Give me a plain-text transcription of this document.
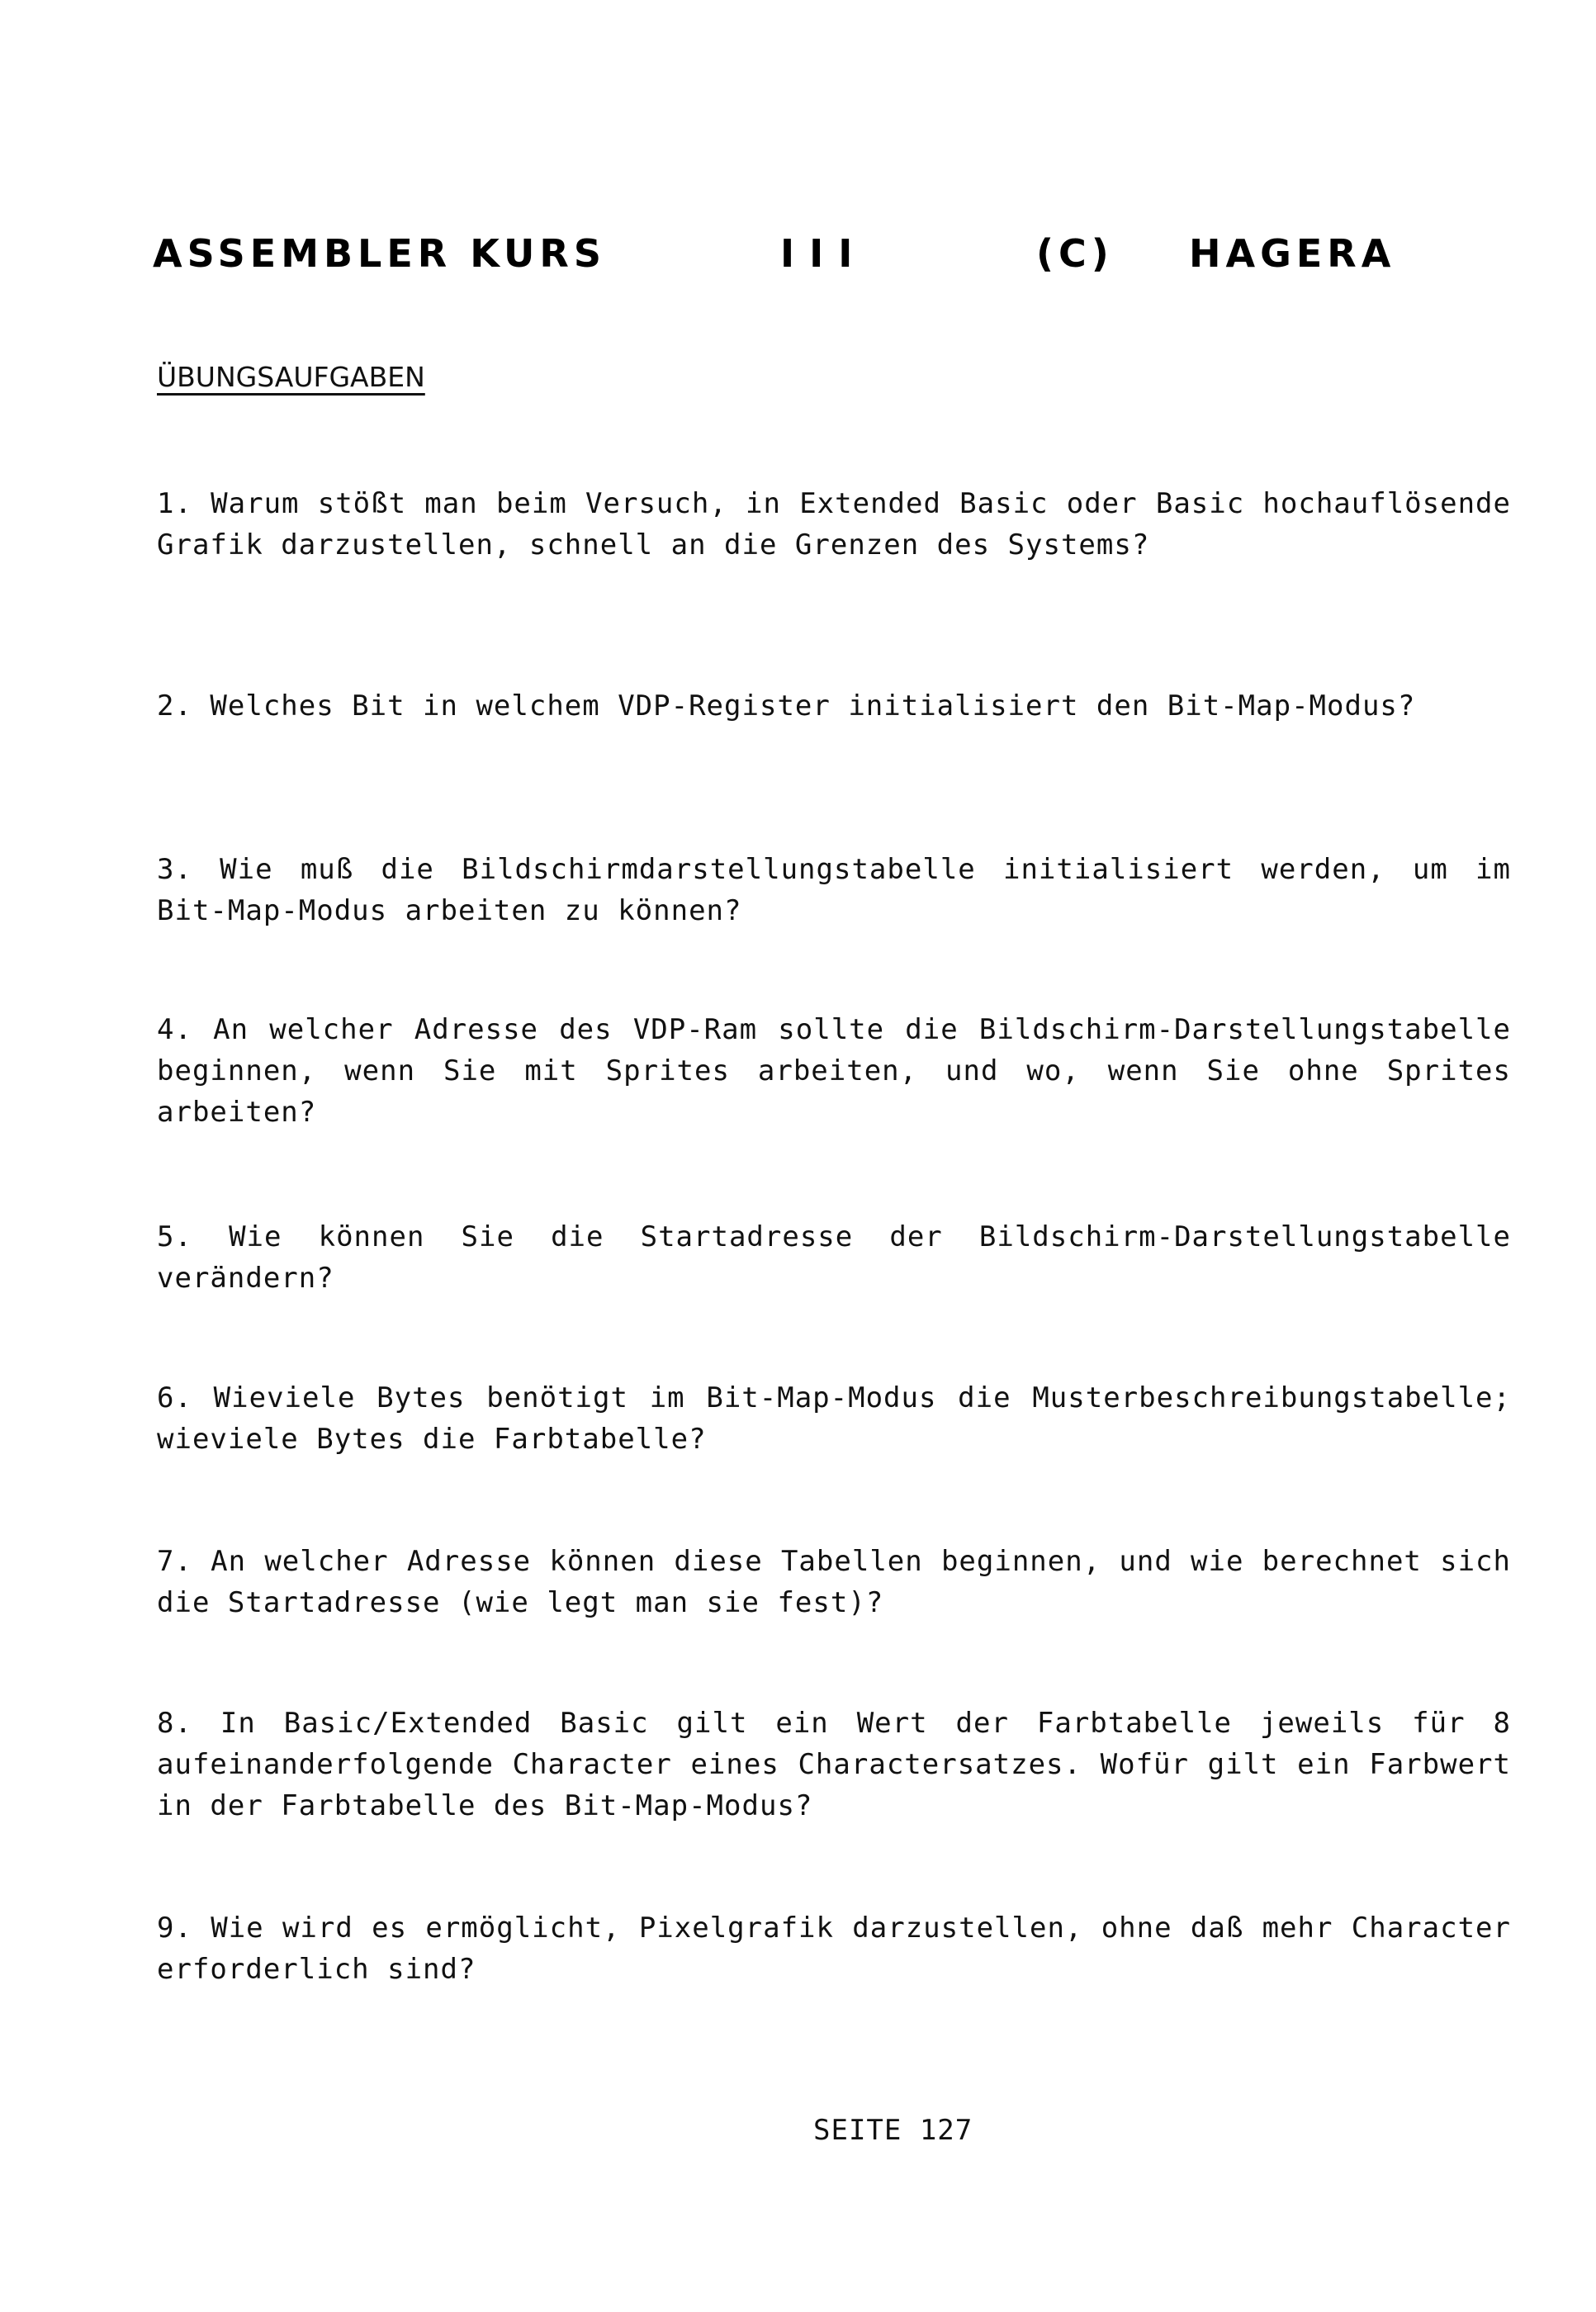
ASSEMBLER KURS	III	(C) HAGERA
ÜBUNGSAUFGABEN
1. Warum stößt man beim Versuch, in Extended Basic oder Basic hochauflösende Grafik darzustellen, schnell an die Grenzen des Systems?
2. Welches Bit in welchem VDP-Register initialisiert den Bit-Map-Modus?
3. Wie muß die Bildschirmdarstellungstabelle initialisiert werden, um im Bit-Map-Modus arbeiten zu können?
4. An welcher Adresse des VDP-Ram sollte die Bildschirm-Darstellungstabelle beginnen, wenn Sie mit Sprites arbeiten, und wo, wenn Sie ohne Sprites arbeiten?
5. Wie können Sie die Startadresse der Bildschirm-Darstellungstabelle verändern?
6. Wieviele Bytes benötigt im Bit-Map-Modus die Musterbeschreibungstabelle; wieviele Bytes die Farbtabelle?
7. An welcher Adresse können diese Tabellen beginnen, und wie berechnet sich die Startadresse (wie legt man sie fest)?
8. In Basic/Extended Basic gilt ein Wert der Farbtabelle jeweils für 8 aufeinanderfolgende Character eines Charactersatzes. Wofür gilt ein Farbwert in der Farbtabelle des Bit-Map-Modus?
9. Wie wird es ermöglicht, Pixelgrafik darzustellen, ohne daß mehr Character erforderlich sind?
SEITE 127
